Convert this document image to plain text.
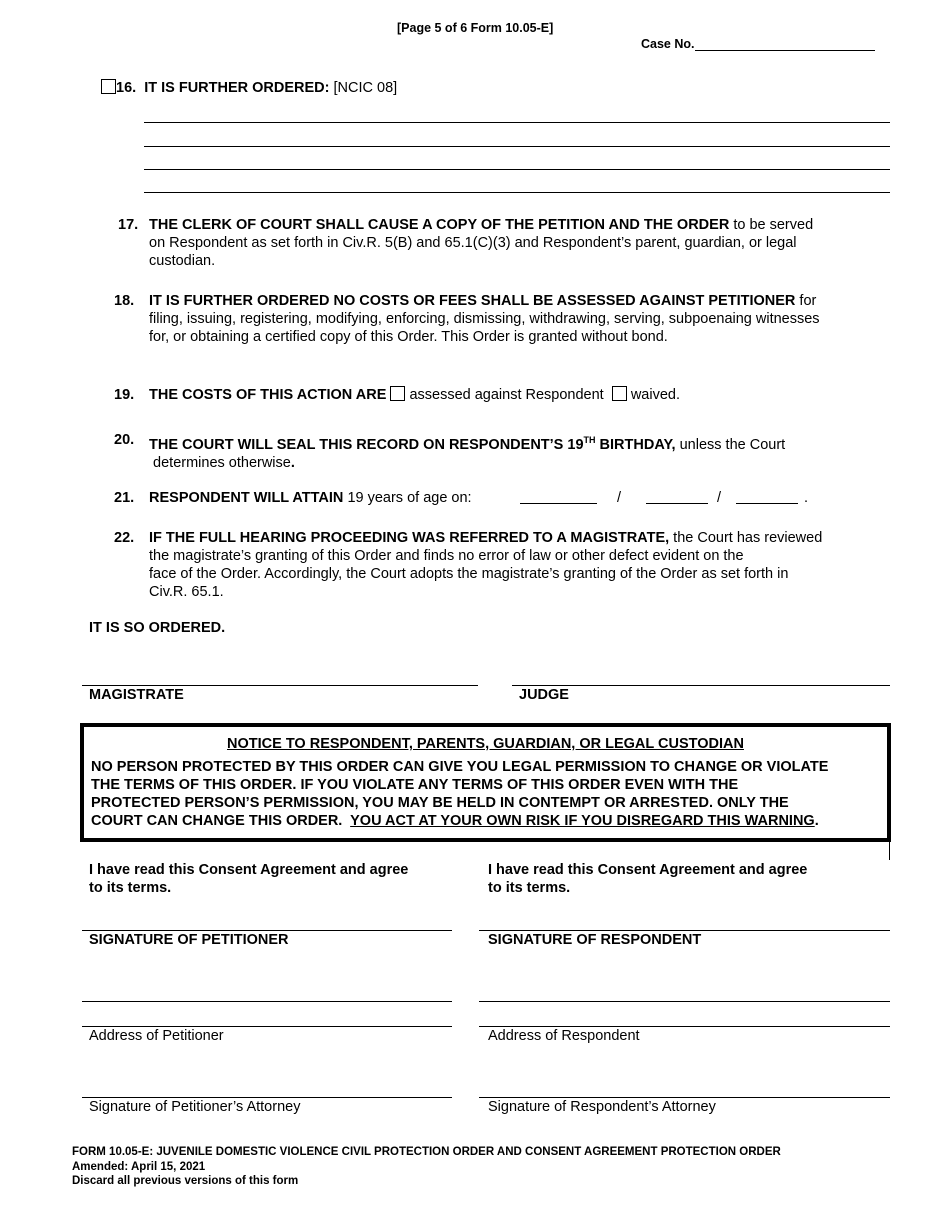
[Page 5 of 6 Form 10.05-E]
Case No.
16. IT IS FURTHER ORDERED: [NCIC 08]
17. THE CLERK OF COURT SHALL CAUSE A COPY OF THE PETITION AND THE ORDER to be served
on Respondent as set forth in Civ.R. 5(B) and 65.1(C)(3) and Respondent’s parent, guardian, or legal
custodian.
18. IT IS FURTHER ORDERED NO COSTS OR FEES SHALL BE ASSESSED AGAINST PETITIONER for
filing, issuing, registering, modifying, enforcing, dismissing, withdrawing, serving, subpoenaing witnesses
for, or obtaining a certified copy of this Order. This Order is granted without bond.
19. THE COSTS OF THIS ACTION ARE assessed against Respondent waived.
20. THE COURT WILL SEAL THIS RECORD ON RESPONDENT’S 19TH BIRTHDAY, unless the Court
determines otherwise.
21. RESPONDENT WILL ATTAIN 19 years of age on:	/	/	.
22. IF THE FULL HEARING PROCEEDING WAS REFERRED TO A MAGISTRATE, the Court has reviewed
the magistrate’s granting of this Order and finds no error of law or other defect evident on the
face of the Order. Accordingly, the Court adopts the magistrate’s granting of the Order as set forth in
Civ.R. 65.1.
IT IS SO ORDERED.
MAGISTRATE	JUDGE
NOTICE TO RESPONDENT, PARENTS, GUARDIAN, OR LEGAL CUSTODIAN
NO PERSON PROTECTED BY THIS ORDER CAN GIVE YOU LEGAL PERMISSION TO CHANGE OR VIOLATE
THE TERMS OF THIS ORDER. IF YOU VIOLATE ANY TERMS OF THIS ORDER EVEN WITH THE
PROTECTED PERSON’S PERMISSION, YOU MAY BE HELD IN CONTEMPT OR ARRESTED. ONLY THE
COURT CAN CHANGE THIS ORDER. YOU ACT AT YOUR OWN RISK IF YOU DISREGARD THIS WARNING.
I have read this Consent Agreement and agree
to its terms.
I have read this Consent Agreement and agree
to its terms.
SIGNATURE OF PETITIONER	SIGNATURE OF RESPONDENT
Address of Petitioner	Address of Respondent
Signature of Petitioner’s Attorney	Signature of Respondent’s Attorney
FORM 10.05-E: JUVENILE DOMESTIC VIOLENCE CIVIL PROTECTION ORDER AND CONSENT AGREEMENT PROTECTION ORDER
Amended: April 15, 2021
Discard all previous versions of this form
